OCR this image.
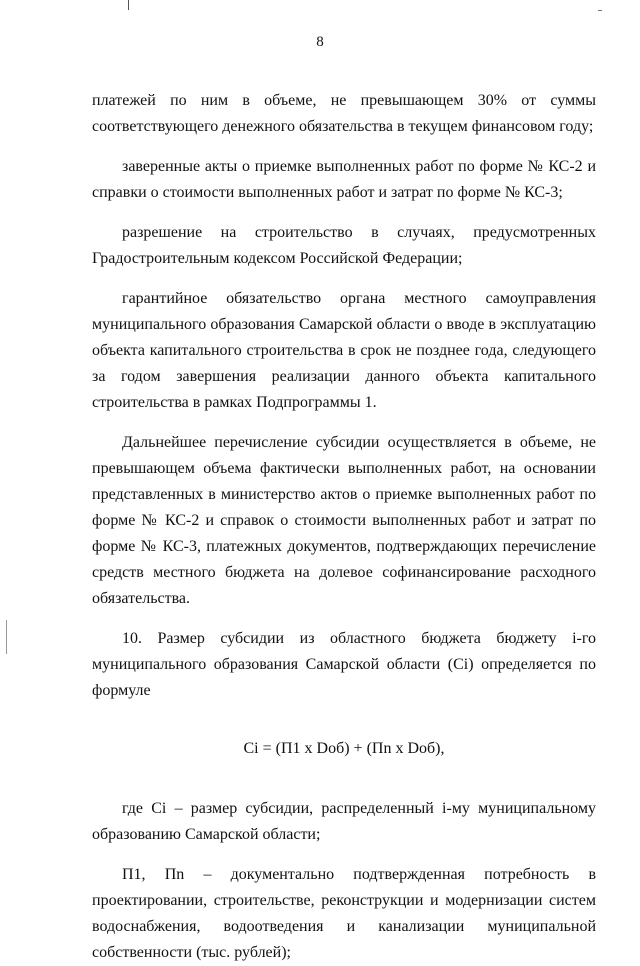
8

платежей по ним в объеме, не превышающем 30% от суммы соответствующего денежного обязательства в текущем финансовом году;

заверенные акты о приемке выполненных работ по форме № КС-2 и справки о стоимости выполненных работ и затрат по форме № КС-3;

разрешение на строительство в случаях, предусмотренных Градостроительным кодексом Российской Федерации;

гарантийное обязательство органа местного самоуправления муниципального образования Самарской области о вводе в эксплуатацию объекта капитального строительства в срок не позднее года, следующего за годом завершения реализации данного объекта капитального строительства в рамках Подпрограммы 1.

Дальнейшее перечисление субсидии осуществляется в объеме, не превышающем объема фактически выполненных работ, на основании представленных в министерство актов о приемке выполненных работ по форме № КС-2 и справок о стоимости выполненных работ и затрат по форме № КС-3, платежных документов, подтверждающих перечисление средств местного бюджета на долевое софинансирование расходного обязательства.

10. Размер субсидии из областного бюджета бюджету i-го муниципального образования Самарской области (Ci) определяется по формуле

Ci = (П1 x Dоб) + (Пn x Dоб),

где Ci – размер субсидии, распределенный i-му муниципальному образованию Самарской области;

П1, Пn – документально подтвержденная потребность в проектировании, строительстве, реконструкции и модернизации систем водоснабжения, водоотведения и канализации муниципальной собственности (тыс. рублей);
